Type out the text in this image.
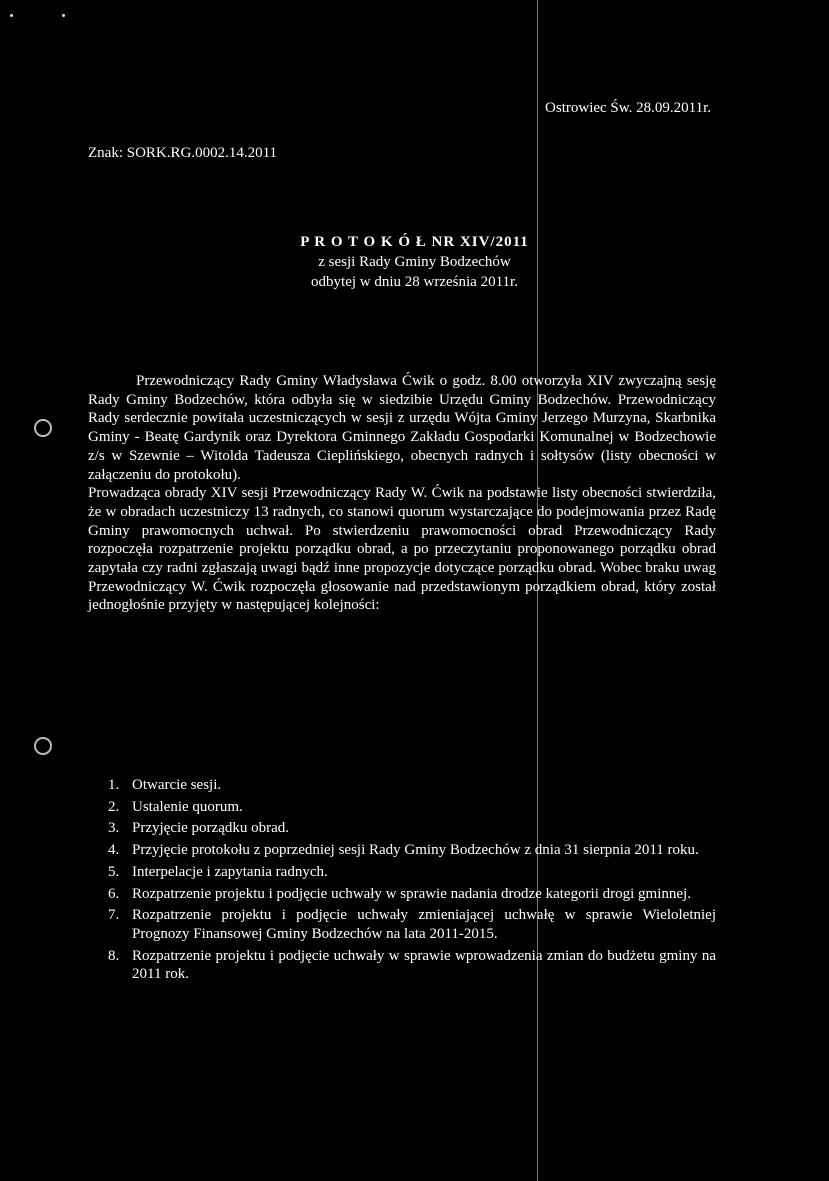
Ostrowiec Św. 28.09.2011r.
Znak: SORK.RG.0002.14.2011
P R O T O K Ó Ł NR XIV/2011
z sesji Rady Gminy Bodzechów
odbytej w dniu 28 września 2011r.

Przewodniczący Rady Gminy Władysława Ćwik o godz. 8.00 otworzyła XIV zwyczajną sesję Rady Gminy Bodzechów, która odbyła się w siedzibie Urzędu Gminy Bodzechów. Przewodniczący Rady serdecznie powitała uczestniczących w sesji z urzędu Wójta Gminy Jerzego Murzyna, Skarbnika Gminy - Beatę Gardynik oraz Dyrektora Gminnego Zakładu Gospodarki Komunalnej w Bodzechowie z/s w Szewnie – Witolda Tadeusza Cieplińskiego, obecnych radnych i sołtysów (listy obecności w załączeniu do protokołu).

Prowadząca obrady XIV sesji Przewodniczący Rady W. Ćwik na podstawie listy obecności stwierdziła, że w obradach uczestniczy 13 radnych, co stanowi quorum wystarczające do podejmowania przez Radę Gminy prawomocnych uchwał. Po stwierdzeniu prawomocności obrad Przewodniczący Rady rozpoczęła rozpatrzenie projektu porządku obrad, a po przeczytaniu proponowanego porządku obrad zapytała czy radni zgłaszają uwagi bądź inne propozycje dotyczące porządku obrad. Wobec braku uwag Przewodniczący W. Ćwik rozpoczęła głosowanie nad przedstawionym porządkiem obrad, który został jednogłośnie przyjęty w następującej kolejności:

1. Otwarcie sesji.
2. Ustalenie quorum.
3. Przyjęcie porządku obrad.
4. Przyjęcie protokołu z poprzedniej sesji Rady Gminy Bodzechów z dnia 31 sierpnia 2011 roku.
5. Interpelacje i zapytania radnych.
6. Rozpatrzenie projektu i podjęcie uchwały w sprawie nadania drodze kategorii drogi gminnej.
7. Rozpatrzenie projektu i podjęcie uchwały zmieniającej uchwałę w sprawie Wieloletniej Prognozy Finansowej Gminy Bodzechów na lata 2011-2015.
8. Rozpatrzenie projektu i podjęcie uchwały w sprawie wprowadzenia zmian do budżetu gminy na 2011 rok.
